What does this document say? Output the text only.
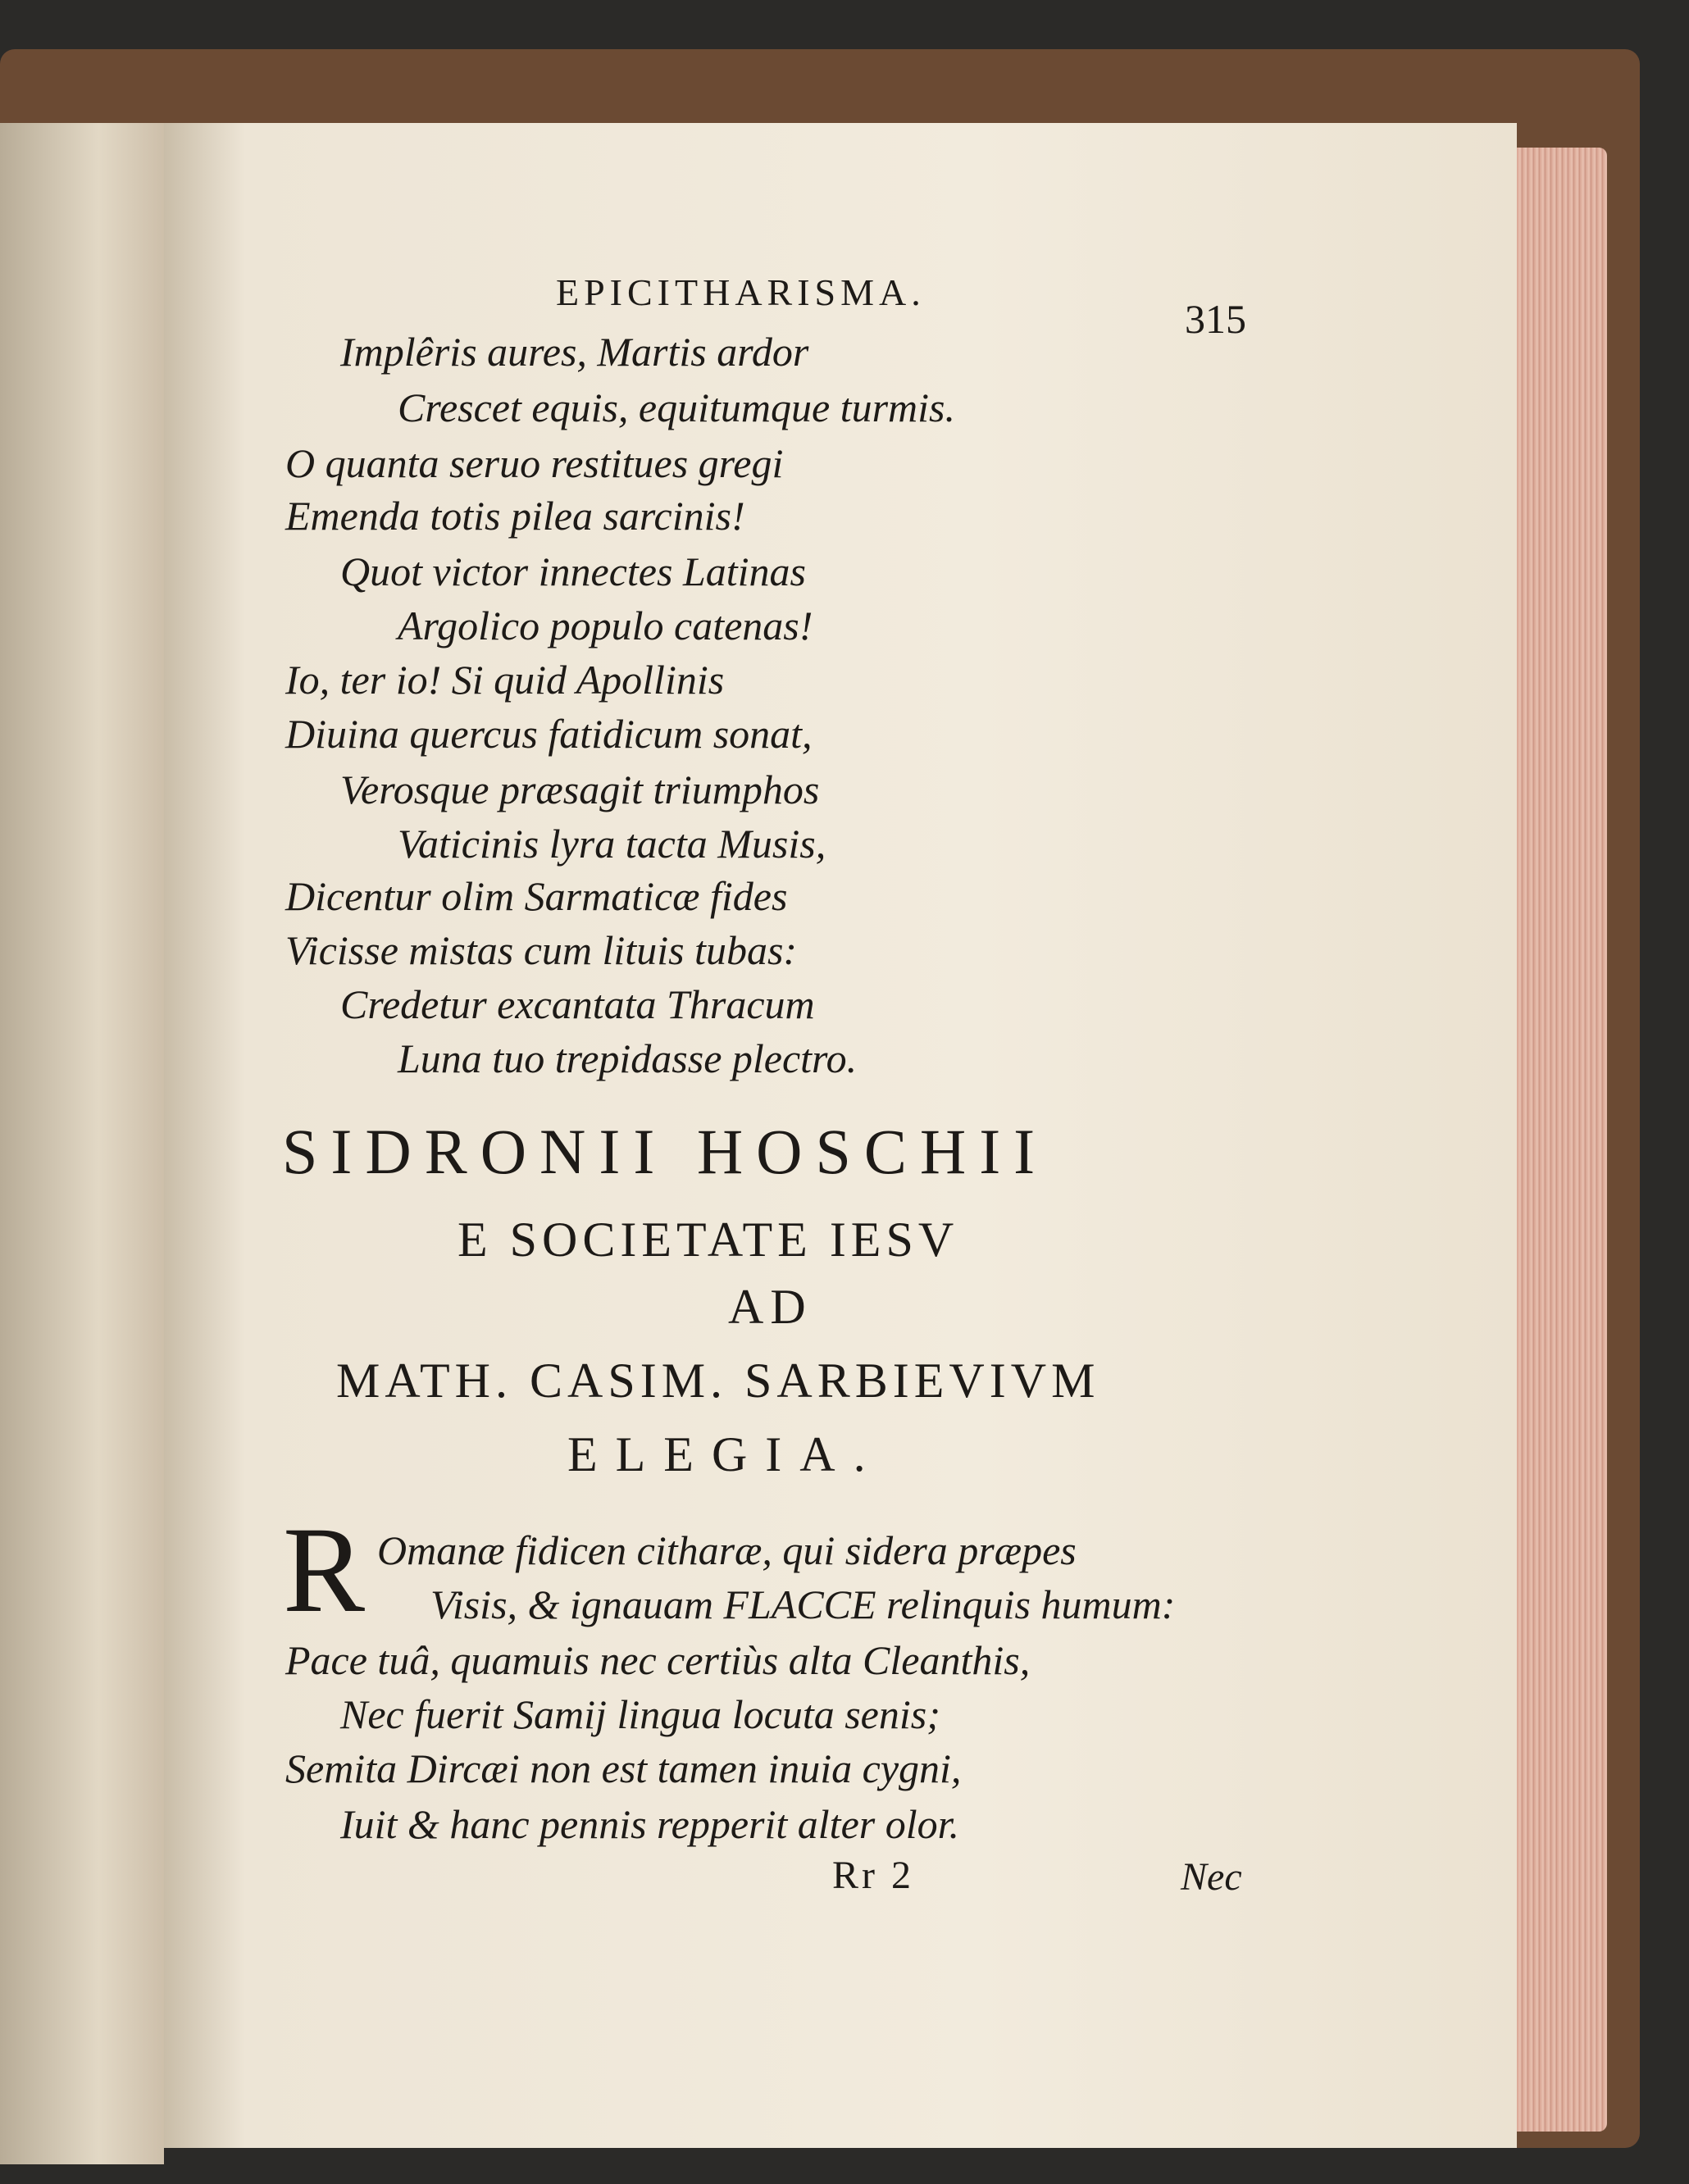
EPICITHARISMA.
315
Implêris aures, Martis ardor
Crescet equis, equitumque turmis.
O quanta seruo restitues gregi
Emenda totis pilea sarcinis!
Quot victor innectes Latinas
Argolico populo catenas!
Io, ter io! Si quid Apollinis
Diuina quercus fatidicum sonat,
Verosque præsagit triumphos
Vaticinis lyra tacta Musis,
Dicentur olim Sarmaticæ fides
Vicisse mistas cum lituis tubas:
Credetur excantata Thracum
Luna tuo trepidasse plectro.
SIDRONII HOSCHII
E SOCIETATE IESV
AD
MATH. CASIM. SARBIEVIVM
ELEGIA.
R Omanæ fidicen citharæ, qui sidera præpes
Visis, & ignauam FLACCE relinquis humum:
Pace tuâ, quamuis nec certiùs alta Cleanthis,
Nec fuerit Samij lingua locuta senis;
Semita Dircæi non est tamen inuia cygni,
Iuit & hanc pennis repperit alter olor.
Rr 2	Nec
